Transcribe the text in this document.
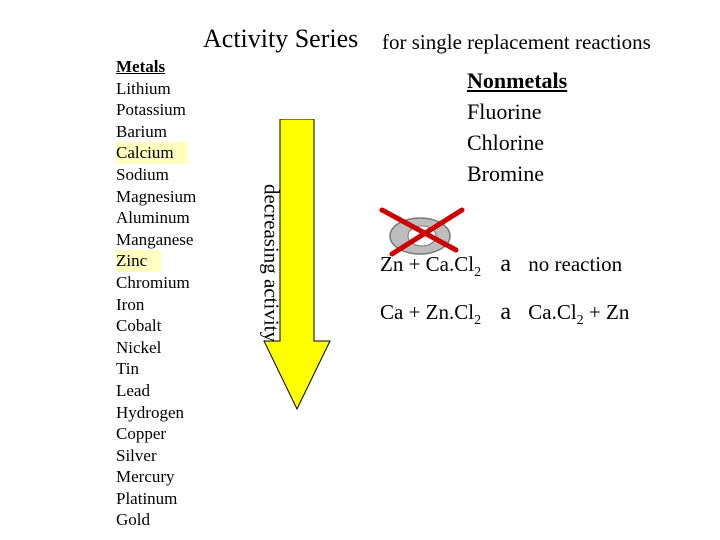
Activity Series for single replacement reactions
Metals
Lithium
Potassium
Barium
Calcium
Sodium
Magnesium
Aluminum
Manganese
Zinc
Chromium
Iron
Cobalt
Nickel
Tin
Lead
Hydrogen
Copper
Silver
Mercury
Platinum
Gold
decreasing activity
Nonmetals
Fluorine
Chlorine
Bromine
$Zn + Ca.Cl_2$ a no reaction
$Ca + Zn.Cl_2$ a $Ca.Cl_2 + Zn$
